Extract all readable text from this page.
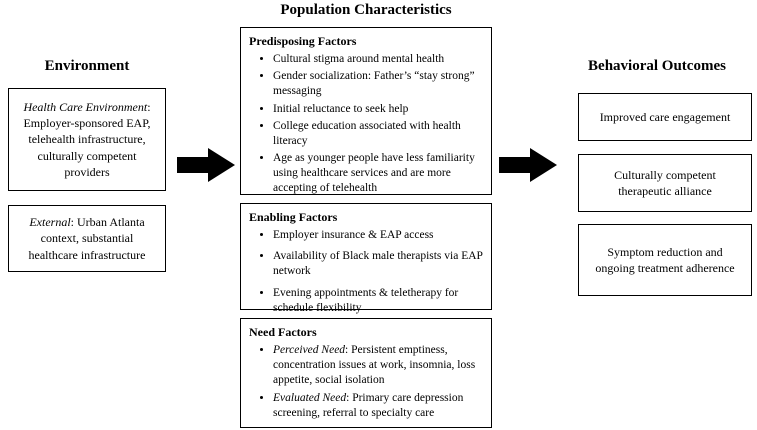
Population Characteristics
Environment
Health Care Environment: Employer-sponsored EAP, telehealth infrastructure, culturally competent providers
External: Urban Atlanta context, substantial healthcare infrastructure
Predisposing Factors
• Cultural stigma around mental health
• Gender socialization: Father’s “stay strong” messaging
• Initial reluctance to seek help
• College education associated with health literacy
• Age as younger people have less familiarity using healthcare services and are more accepting of telehealth
Enabling Factors
• Employer insurance & EAP access
• Availability of Black male therapists via EAP network
• Evening appointments & teletherapy for schedule flexibility
Need Factors
• Perceived Need: Persistent emptiness, concentration issues at work, insomnia, loss appetite, social isolation
• Evaluated Need: Primary care depression screening, referral to specialty care
Behavioral Outcomes
Improved care engagement
Culturally competent therapeutic alliance
Symptom reduction and ongoing treatment adherence
